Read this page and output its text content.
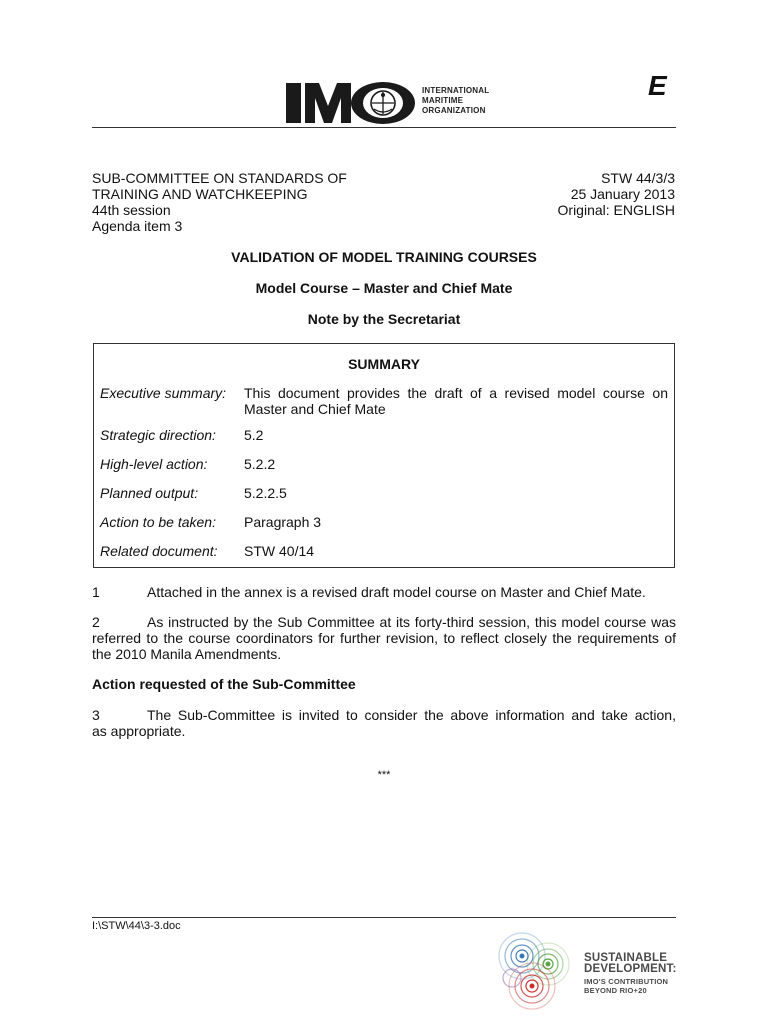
INTERNATIONAL
MARITIME
ORGANIZATION
E
SUB-COMMITTEE ON STANDARDS OF
TRAINING AND WATCHKEEPING
44th session
Agenda item 3
STW 44/3/3
25 January 2013
Original: ENGLISH
VALIDATION OF MODEL TRAINING COURSES
Model Course – Master and Chief Mate
Note by the Secretariat
SUMMARY
Executive summary: This document provides the draft of a revised model course on
Master and Chief Mate
Strategic direction: 5.2
High-level action:	5.2.2
Planned output:	5.2.2.5
Action to be taken: Paragraph 3
Related document: STW 40/14
1	Attached in the annex is a revised draft model course on Master and Chief Mate.
2	As instructed by the Sub Committee at its forty-third session, this model course was
referred to the course coordinators for further revision, to reflect closely the requirements of
the 2010 Manila Amendments.
Action requested of the Sub-Committee
3	The Sub-Committee is invited to consider the above information and take action,
as appropriate.
***
I:\STW\44\3-3.doc
SUSTAINABLE
DEVELOPMENT:
IMO'S CONTRIBUTION
BEYOND RIO+20
